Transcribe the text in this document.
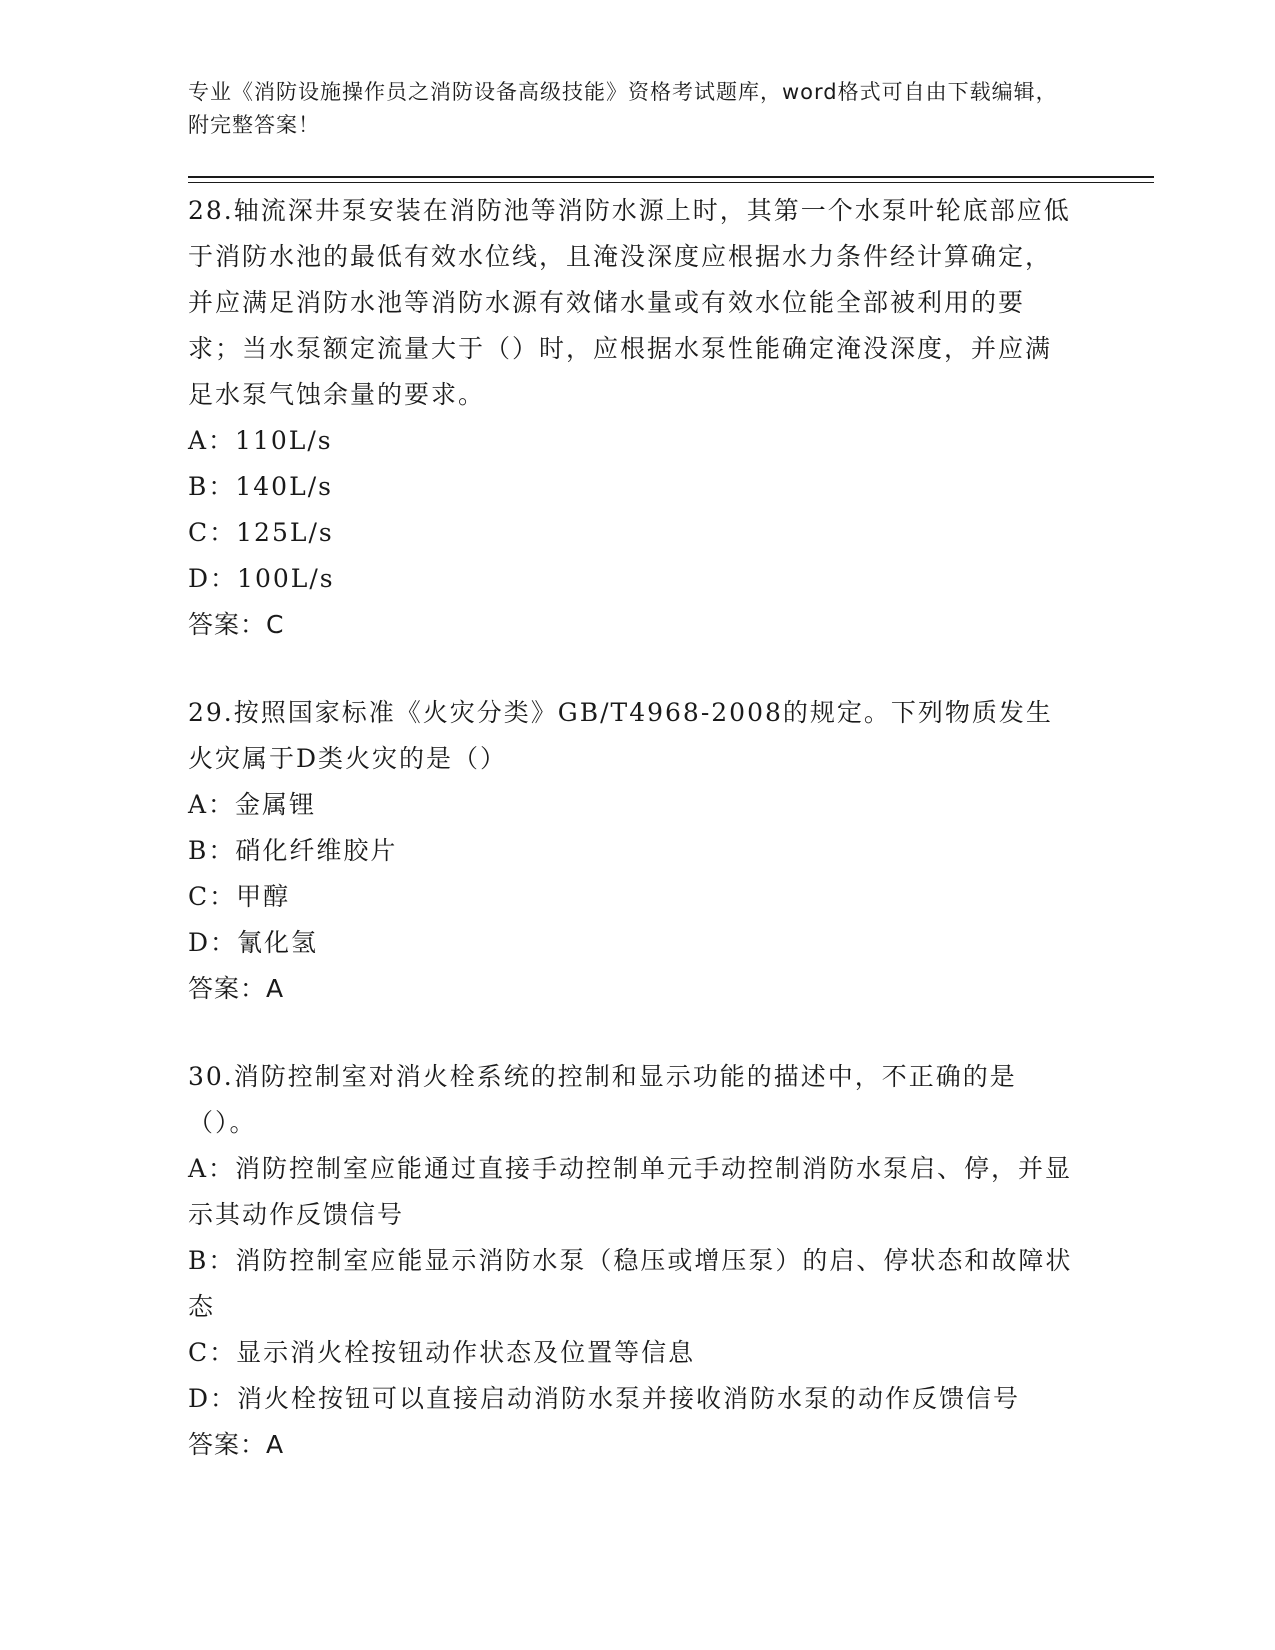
专业《消防设施操作员之消防设备高级技能》资格考试题库，word格式可自由下载编辑，附完整答案！
28.轴流深井泵安装在消防池等消防水源上时，其第一个水泵叶轮底部应低于消防水池的最低有效水位线，且淹没深度应根据水力条件经计算确定，并应满足消防水池等消防水源有效储水量或有效水位能全部被利用的要求；当水泵额定流量大于（）时，应根据水泵性能确定淹没深度，并应满足水泵气蚀余量的要求。
A：110L/s
B：140L/s
C：125L/s
D：100L/s
答案：C
29.按照国家标准《火灾分类》GB/T4968-2008的规定。下列物质发生火灾属于D类火灾的是（）
A：金属锂
B：硝化纤维胶片
C：甲醇
D：氰化氢
答案：A
30.消防控制室对消火栓系统的控制和显示功能的描述中，不正确的是（）。
A：消防控制室应能通过直接手动控制单元手动控制消防水泵启、停，并显示其动作反馈信号
B：消防控制室应能显示消防水泵（稳压或增压泵）的启、停状态和故障状态
C：显示消火栓按钮动作状态及位置等信息
D：消火栓按钮可以直接启动消防水泵并接收消防水泵的动作反馈信号
答案：A
